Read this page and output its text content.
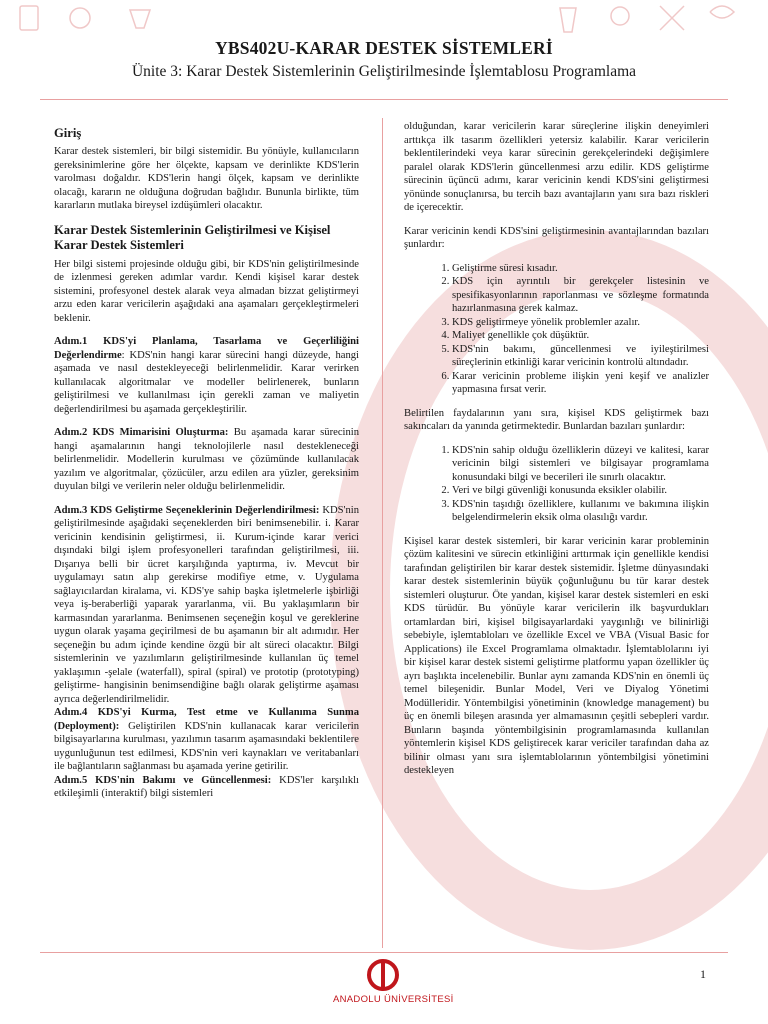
YBS402U-KARAR DESTEK SİSTEMLERİ
Ünite 3: Karar Destek Sistemlerinin Geliştirilmesinde İşlemtablosu Programlama
Giriş

Karar destek sistemleri, bir bilgi sistemidir. Bu yönüyle, kullanıcıların gereksinimlerine göre her ölçekte, kapsam ve derinlikte KDS'lerin varolması doğaldır. KDS'lerin hangi ölçek, kapsam ve derinlikte olacağı, kararın ne olduğuna doğrudan bağlıdır. Bununla birlikte, tüm kararların mutlaka bireysel izdüşümleri olacaktır.

Karar Destek Sistemlerinin Geliştirilmesi ve Kişisel Karar Destek Sistemleri

Her bilgi sistemi projesinde olduğu gibi, bir KDS'nin geliştirilmesinde de izlenmesi gereken adımlar vardır. Kendi kişisel karar destek sistemini, profesyonel destek alarak veya almadan bizzat geliştirmeyi arzu eden karar vericilerin aşağıdaki ana aşamaları gerçekleştirmeleri beklenir.

Adım.1 KDS'yi Planlama, Tasarlama ve Geçerliliğini Değerlendirme: KDS'nin hangi karar sürecini hangi düzeyde, hangi aşamada ve nasıl destekleyeceği belirlenmelidir. Karar verirken kullanılacak algoritmalar ve modeller belirlenerek, bunların geliştirilmesi ve kullanılması için gerekli zaman ve maliyetin değerlendirilmesi bu aşamada gerçekleştirilir.

Adım.2 KDS Mimarisini Oluşturma: Bu aşamada karar sürecinin hangi aşamalarının hangi teknolojilerle nasıl destekleneceği belirlenmelidir. Modellerin kurulması ve çözümünde kullanılacak yazılım ve algoritmalar, çözücüler, arzu edilen ara yüzler, gereksinim duyulan bilgi ve verilerin neler olduğu belirlenmelidir.

Adım.3 KDS Geliştirme Seçeneklerinin Değerlendirilmesi: KDS'nin geliştirilmesinde aşağıdaki seçeneklerden biri benimsenebilir. i. Karar vericinin kendisinin geliştirmesi, ii. Kurum-içinde karar verici dışındaki bilgi işlem profesyonelleri tarafından geliştirilmesi, iii. Dışarıya belli bir ücret karşılığında yaptırma, iv. Mevcut bir uygulamayı satın alıp gerekirse modifiye etme, v. Uygulama sağlayıcılardan kiralama, vi. KDS'ye sahip başka işletmelerle işbirliği veya iş-beraberliği yaparak yararlanma, vii. Bu yaklaşımların bir karmasından yararlanma. Benimsenen seçeneğin koşul ve gereklerine uygun olarak yaşama geçirilmesi de bu aşamanın bir alt adımıdır. Her seçeneğin bu adım içinde kendine özgü bir alt süreci olacaktır. Bilgi sistemlerinin ve yazılımların geliştirilmesinde kullanılan üç temel yaklaşımın -şelale (waterfall), spiral (spiral) ve prototip (prototyping) geliştirme- hangisinin benimsendiğine bağlı olarak geliştirme aşaması ayrıca değerlendirilmelidir.

Adım.4 KDS'yi Kurma, Test etme ve Kullanıma Sunma (Deployment): Geliştirilen KDS'nin kullanacak karar vericilerin bilgisayarlarına kurulması, yazılımın tasarım aşamasındaki beklentilere uygunluğunun test edilmesi, KDS'nin veri kaynakları ve veritabanları ile bağlantıların sağlanması bu aşamada yerine getirilir.

Adım.5 KDS'nin Bakımı ve Güncellenmesi: KDS'ler karşılıklı etkileşimli (interaktif) bilgi sistemleri

olduğundan, karar vericilerin karar süreçlerine ilişkin deneyimleri arttıkça ilk tasarım özellikleri yetersiz kalabilir. Karar vericilerin beklentilerindeki veya karar sürecinin gerekçelerindeki değişimlere paralel olarak KDS'lerin güncellenmesi arzu edilir. KDS geliştirme sürecinin üçüncü adımı, karar vericinin kendi KDS'sini geliştirmesi yönünde sonuçlanırsa, bu tercih bazı avantajların yanı sıra bazı riskleri de içerecektir.

Karar vericinin kendi KDS'sini geliştirmesinin avantajlarından bazıları şunlardır:

1. Geliştirme süresi kısadır.
2. KDS için ayrıntılı bir gerekçeler listesinin ve spesifikasyonlarının raporlanması ve sözleşme formatında hazırlanmasına gerek kalmaz.
3. KDS geliştirmeye yönelik problemler azalır.
4. Maliyet genellikle çok düşüktür.
5. KDS'nin bakımı, güncellenmesi ve iyileştirilmesi süreçlerinin etkinliği karar vericinin kontrolü altındadır.
6. Karar vericinin probleme ilişkin yeni keşif ve analizler yapmasına fırsat verir.

Belirtilen faydalarının yanı sıra, kişisel KDS geliştirmek bazı sakıncaları da yanında getirmektedir. Bunlardan bazıları şunlardır:

1. KDS'nin sahip olduğu özelliklerin düzeyi ve kalitesi, karar vericinin bilgi sistemleri ve bilgisayar programlama konusundaki bilgi ve becerileri ile sınırlı olacaktır.
2. Veri ve bilgi güvenliği konusunda eksikler olabilir.
3. KDS'nin taşıdığı özelliklere, kullanımı ve bakımına ilişkin belgelendirmelerin eksik olma olasılığı vardır.

Kişisel karar destek sistemleri, bir karar vericinin karar probleminin çözüm kalitesini ve sürecin etkinliğini arttırmak için genellikle kendisi tarafından geliştirilen bir karar destek sistemidir. İşletme dünyasındaki karar destek sistemlerinin büyük çoğunluğunu bu tür karar destek sistemleri oluşturur. Öte yandan, kişisel karar destek sistemleri en eski KDS türüdür. Bu yönüyle karar vericilerin ilk başvurdukları ortamlardan biri, kişisel bilgisayarlardaki yaygınlığı ve bilinirliği sebebiyle, işlemtabloları ve özellikle Excel ve VBA (Visual Basic for Applications) ile Excel Programlama olmaktadır. İşlemtablolarını iyi bir kişisel karar destek sistemi geliştirme platformu yapan özellikler üç ayrı başlıkta incelenebilir. Bunlar aynı zamanda KDS'nin en önemli üç temel bileşenidir. Bunlar Model, Veri ve Diyalog Yönetimi Modülleridir. Yöntembilgisi yönetiminin (knowledge management) bu üç en önemli bileşen arasında yer almamasının çeşitli sebepleri vardır. Bunların başında yöntembilgisinin programlamasında kullanılan yöntemlerin kişisel KDS geliştirecek karar vericiler tarafından daha az bilinir olması yanı sıra işlemtablolarının yöntembilgisi yönetimini destekleyen

ANADOLU ÜNİVERSİTESİ
1
